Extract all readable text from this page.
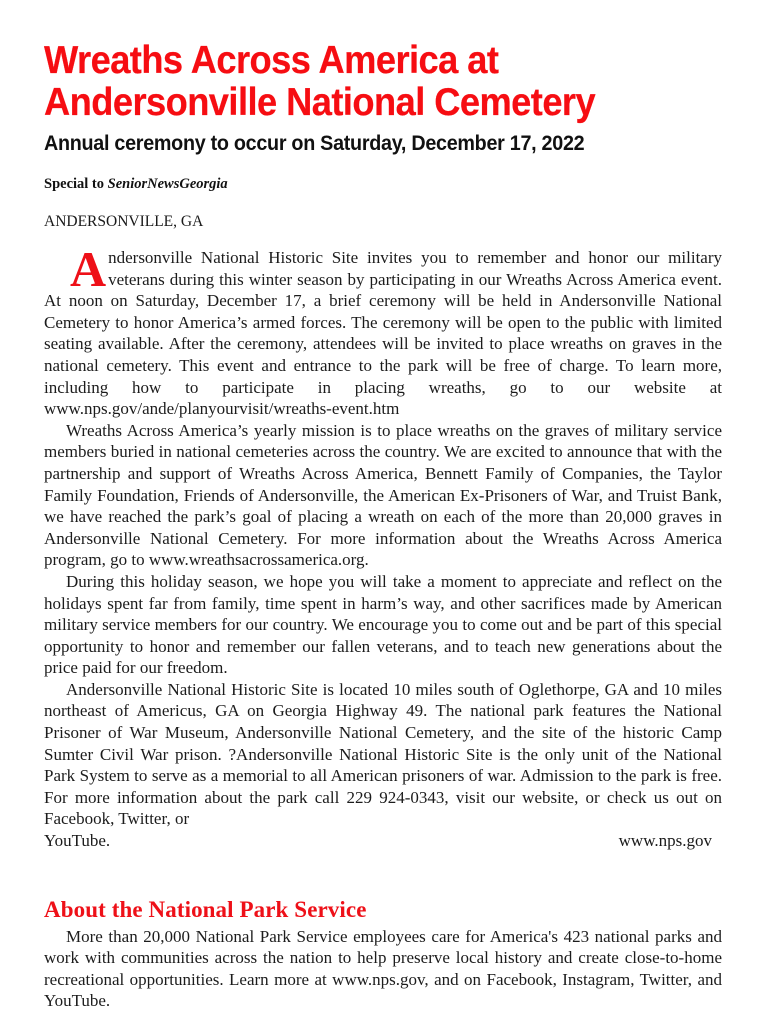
Wreaths Across America at
Andersonville National Cemetery
Annual ceremony to occur on Saturday, December 17, 2022
Special to SeniorNewsGeorgia
ANDERSONVILLE, GA

Andersonville National Historic Site invites you to remember and honor our military veterans during this winter season by participating in our Wreaths Across America event. At noon on Saturday, December 17, a brief ceremony will be held in Andersonville National Cemetery to honor America’s armed forces. The ceremony will be open to the public with limited seating available. After the ceremony, attendees will be invited to place wreaths on graves in the national cemetery. This event and entrance to the park will be free of charge. To learn more, including how to participate in placing wreaths, go to our website at www.nps.gov/ande/planyourvisit/wreaths-event.htm

Wreaths Across America’s yearly mission is to place wreaths on the graves of military service members buried in national cemeteries across the country. We are excited to announce that with the partnership and support of Wreaths Across America, Bennett Family of Companies, the Taylor Family Foundation, Friends of Andersonville, the American Ex-Prisoners of War, and Truist Bank, we have reached the park’s goal of placing a wreath on each of the more than 20,000 graves in Andersonville National Cemetery. For more information about the Wreaths Across America program, go to www.wreathsacrossamerica.org.

During this holiday season, we hope you will take a moment to appreciate and reflect on the holidays spent far from family, time spent in harm’s way, and other sacrifices made by American military service members for our country. We encourage you to come out and be part of this special opportunity to honor and remember our fallen veterans, and to teach new generations about the price paid for our freedom.

Andersonville National Historic Site is located 10 miles south of Oglethorpe, GA and 10 miles northeast of Americus, GA on Georgia Highway 49. The national park features the National Prisoner of War Museum, Andersonville National Cemetery, and the site of the historic Camp Sumter Civil War prison. ?Andersonville National Historic Site is the only unit of the National Park System to serve as a memorial to all American prisoners of war. Admission to the park is free. For more information about the park call 229 924-0343, visit our website, or check us out on Facebook, Twitter, or

YouTube.	www.nps.gov
About the National Park Service

More than 20,000 National Park Service employees care for America's 423 national parks and work with communities across the nation to help preserve local history and create close-to-home recreational opportunities. Learn more at www.nps.gov, and on Facebook, Instagram, Twitter, and YouTube.
